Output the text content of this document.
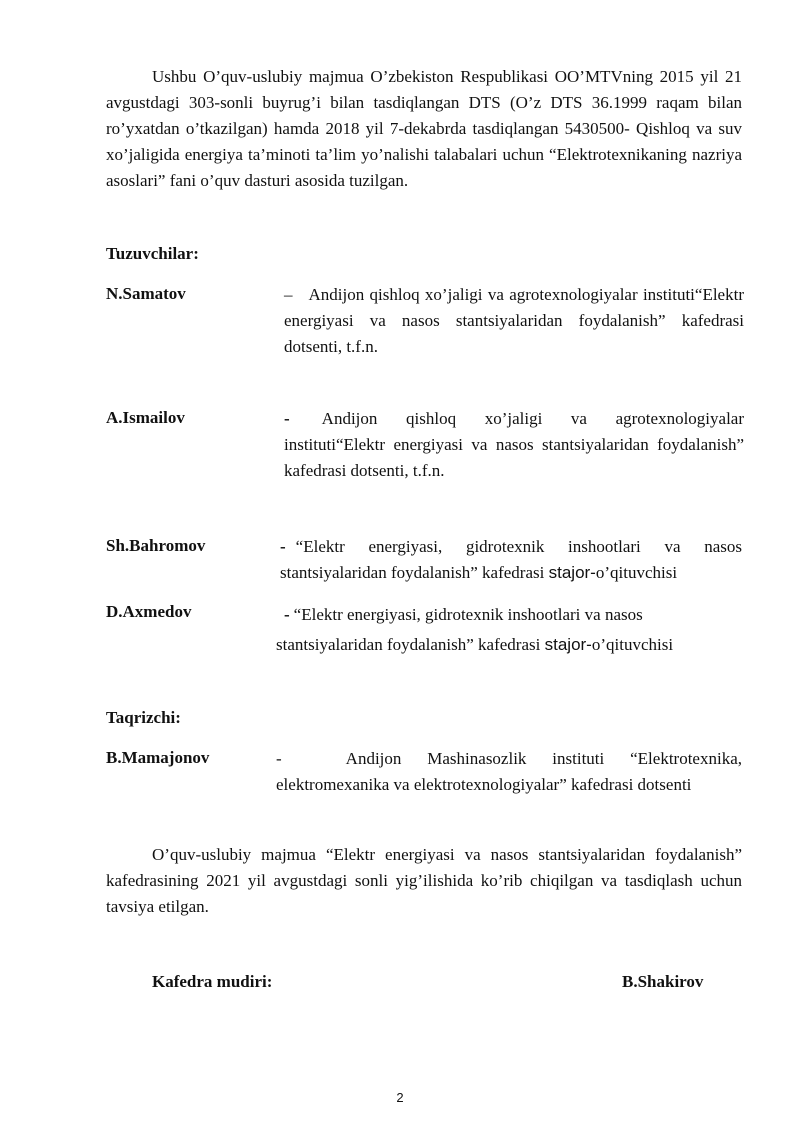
Ushbu O’quv-uslubiy majmua O’zbekiston Respublikasi OO’MTVning 2015 yil 21 avgustdagi 303-sonli buyrug’i bilan tasdiqlangan DTS (O’z DTS 36.1999 raqam bilan ro’yxatdan o’tkazilgan) hamda 2018 yil 7-dekabrda tasdiqlangan 5430500- Qishloq va suv xo’jaligida energiya ta’minoti ta’lim yo’nalishi talabalari uchun “Elektrotexnikaning nazriya asoslari” fani o’quv dasturi asosida tuzilgan.

Tuzuvchilar:
N.Samatov	– Andijon qishloq xo’jaligi va agrotexnologiyalar instituti“Elektr energiyasi va nasos stantsiyalaridan foydalanish” kafedrasi dotsenti, t.f.n.
A.Ismailov	- Andijon qishloq xo’jaligi va agrotexnologiyalar instituti“Elektr energiyasi va nasos stantsiyalaridan foydalanish” kafedrasi dotsenti, t.f.n.
Sh.Bahromov	- “Elektr energiyasi, gidrotexnik inshootlari va nasos stantsiyalaridan foydalanish” kafedrasi stajor-o’qituvchisi
D.Axmedov	- “Elektr energiyasi, gidrotexnik inshootlari va nasos stantsiyalaridan foydalanish” kafedrasi stajor-o’qituvchisi
Taqrizchi:
B.Mamajonov	-	Andijon Mashinasozlik instituti “Elektrotexnika, elektromexanika va elektrotexnologiyalar” kafedrasi dotsenti

O’quv-uslubiy majmua “Elektr energiyasi va nasos stantsiyalaridan foydalanish” kafedrasining 2021 yil avgustdagi sonli yig’ilishida ko’rib chiqilgan va tasdiqlash uchun tavsiya etilgan.

Kafedra mudiri:	B.Shakirov
2
